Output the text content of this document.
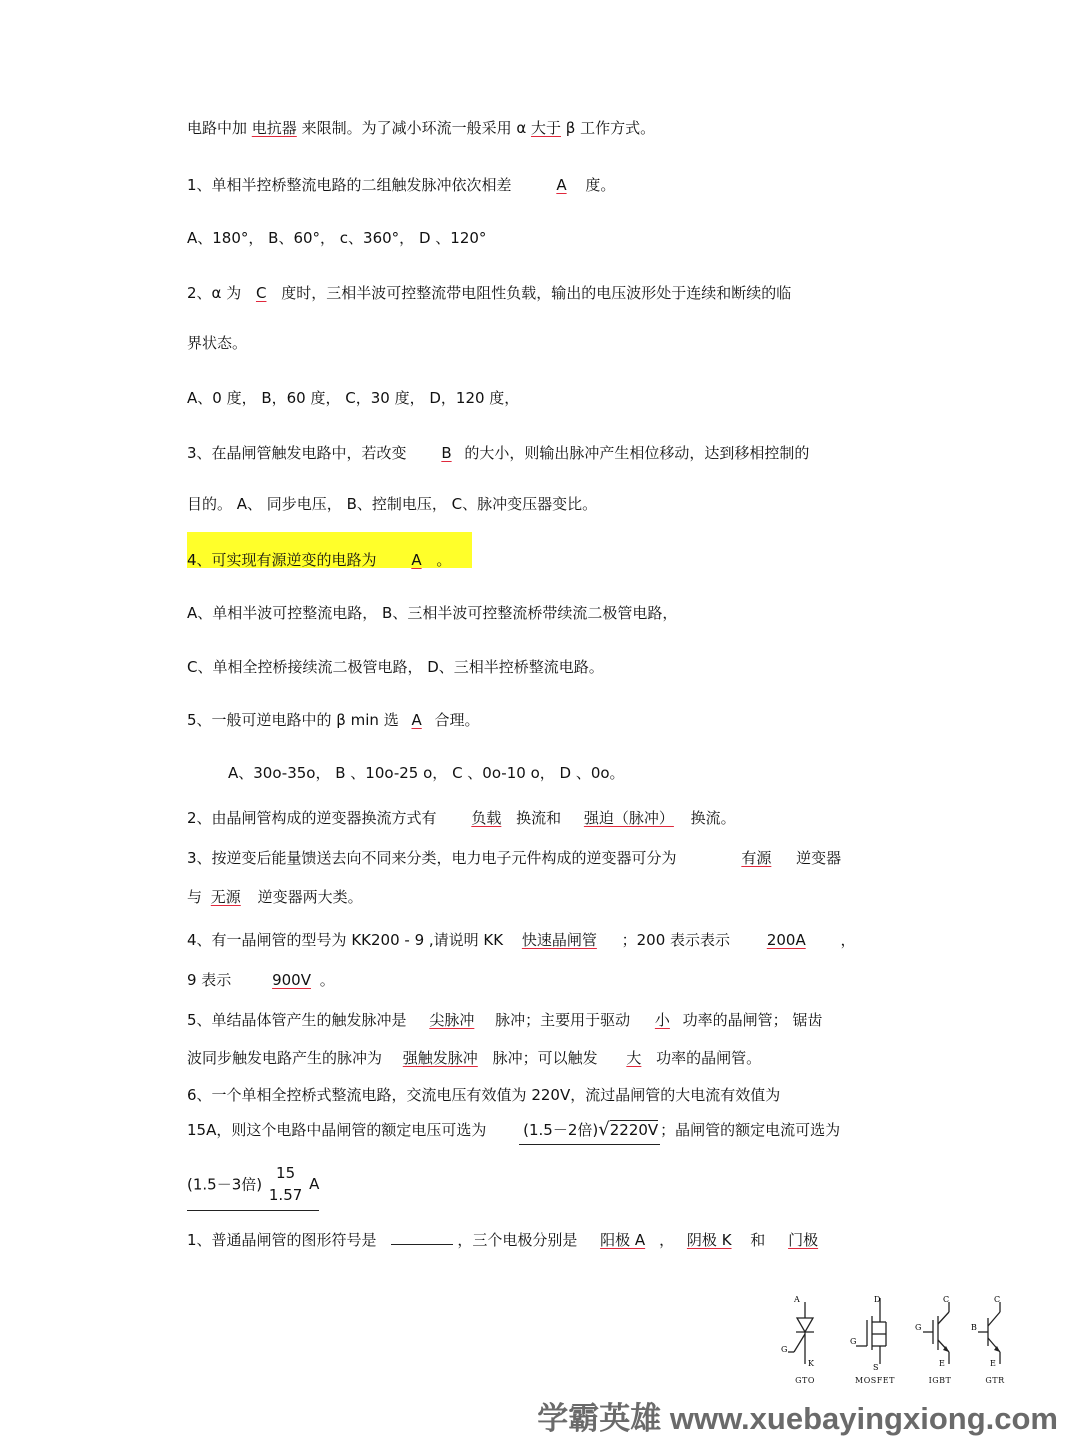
电路中加 电抗器 来限制。为了减小环流一般采用 α 大于 β 工作方式。
1、单相半控桥整流电路的二组触发脉冲依次相差	A 度。
A、180°， B、60°， c、360°， D 、120°
2、α 为 C 度时，三相半波可控整流带电阻性负载，输出的电压波形处于连续和断续的临
界状态。
A、0 度， B，60 度， C，30 度， D，120 度，
3、在晶闸管触发电路中，若改变 B 的大小，则输出脉冲产生相位移动，达到移相控制的
目的。 A、 同步电压， B、控制电压， C、脉冲变压器变比。
4、可实现有源逆变的电路为 A 。
A、单相半波可控整流电路， B、三相半波可控整流桥带续流二极管电路，
C、单相全控桥接续流二极管电路， D、三相半控桥整流电路。
5、一般可逆电路中的 β min 选 A 合理。
A、30o-35o， B 、10o-25 o， C 、0o-10 o， D 、0o。
2、由晶闸管构成的逆变器换流方式有 负载 换流和 强迫（脉冲） 换流。
3、按逆变后能量馈送去向不同来分类，电力电子元件构成的逆变器可分为	有源 逆变器
与 无源 逆变器两大类。
4、有一晶闸管的型号为 KK200 - 9 ,请说明 KK 快速晶闸管 ；200 表示表示 200A ，
9 表示 900V 。
5、单结晶体管产生的触发脉冲是 尖脉冲 脉冲；主要用于驱动 小 功率的晶闸管； 锯齿
波同步触发电路产生的脉冲为 强触发脉冲 脉冲；可以触发 大 功率的晶闸管。
6、一个单相全控桥式整流电路，交流电压有效值为 220V，流过晶闸管的大电流有效值为
15A，则这个电路中晶闸管的额定电压可选为 (1.5－2倍)√2220V ；晶闸管的额定电流可选为
(1.5－3倍)
15
1.57
A
1、普通晶闸管的图形符号是	，三个电极分别是 阳极 A ， 阴极 K 和 门极
A
G
K
GTO
D
G
S
MOSFET
C
G
E
IGBT
C
B
E
GTR
学霸英雄 www.xuebayingxiong.com
